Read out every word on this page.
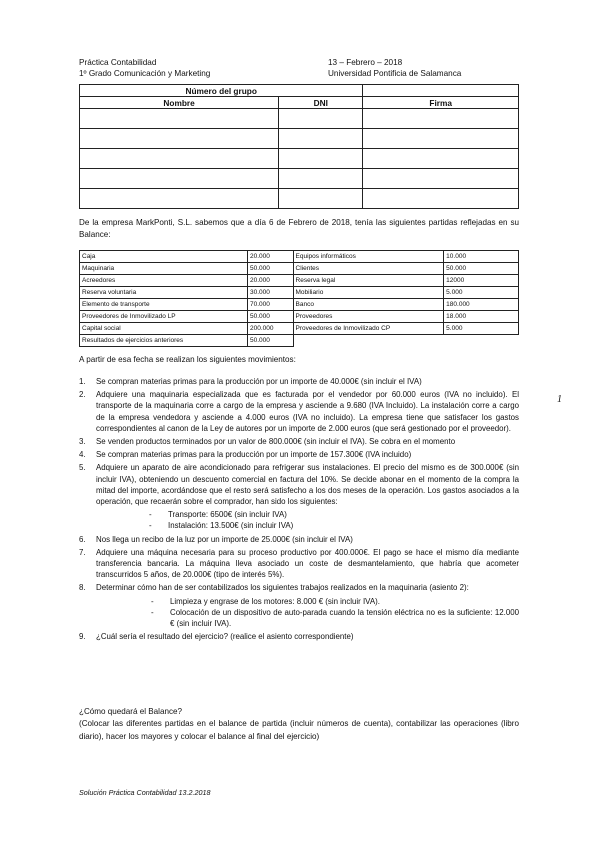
Práctica Contabilidad
1º Grado Comunicación y Marketing
13 – Febrero – 2018
Universidad Pontificia de Salamanca
Número del grupo		
Nombre	DNI	Firma

De la empresa MarkPonti, S.L. sabemos que a día 6 de Febrero de 2018, tenía las siguientes partidas reflejadas en su Balance:
Caja	20.000	Equipos informáticos	10.000
Maquinaria	50.000	Clientes	50.000
Acreedores	20.000	Reserva legal	12000
Reserva voluntaria	30.000	Mobiliario	5.000
Elemento de transporte	70.000	Banco	180.000
Proveedores de Inmovilizado LP	50.000	Proveedores	18.000
Capital social	200.000	Proveedores de Inmovilizado CP	5.000
Resultados de ejercicios anteriores	50.000		
A partir de esa fecha se realizan los siguientes movimientos:
1. Se compran materias primas para la producción por un importe de 40.000€ (sin incluir el IVA)
2. Adquiere una maquinaria especializada que es facturada por el vendedor por 60.000 euros (IVA no incluido). El transporte de la maquinaria corre a cargo de la empresa y asciende a 9.680 (IVA Incluido). La instalación corre a cargo de la empresa vendedora y asciende a 4.000 euros (IVA no incluido). La empresa tiene que satisfacer los gastos correspondientes al canon de la Ley de autores por un importe de 2.000 euros (que será gestionado por el proveedor).
3. Se venden productos terminados por un valor de 800.000€ (sin incluir el IVA). Se cobra en el momento
4. Se compran materias primas para la producción por un importe de 157.300€ (IVA incluido)
5. Adquiere un aparato de aire acondicionado para refrigerar sus instalaciones. El precio del mismo es de 300.000€ (sin incluir IVA), obteniendo un descuento comercial en factura del 10%. Se decide abonar en el momento de la compra la mitad del importe, acordándose que el resto será satisfecho a los dos meses de la operación. Los gastos asociados a la operación, que recaerán sobre el comprador, han sido los siguientes:
- Transporte: 6500€ (sin incluir IVA)
- Instalación: 13.500€ (sin incluir IVA)
6. Nos llega un recibo de la luz por un importe de 25.000€ (sin incluir el IVA)
7. Adquiere una máquina necesaria para su proceso productivo por 400.000€. El pago se hace el mismo día mediante transferencia bancaria. La máquina lleva asociado un coste de desmantelamiento, que habría que acometer transcurridos 5 años, de 20.000€ (tipo de interés 5%).
8. Determinar cómo han de ser contabilizados los siguientes trabajos realizados en la maquinaria (asiento 2):
- Limpieza y engrase de los motores: 8.000 € (sin incluir IVA).
- Colocación de un dispositivo de auto-parada cuando la tensión eléctrica no es la suficiente: 12.000 € (sin incluir IVA).
9. ¿Cuál sería el resultado del ejercicio? (realice el asiento correspondiente)
1
¿Cómo quedará el Balance?
(Colocar las diferentes partidas en el balance de partida (incluir números de cuenta), contabilizar las operaciones (libro diario), hacer los mayores y colocar el balance al final del ejercicio)
Solución Práctica Contabilidad 13.2.2018
